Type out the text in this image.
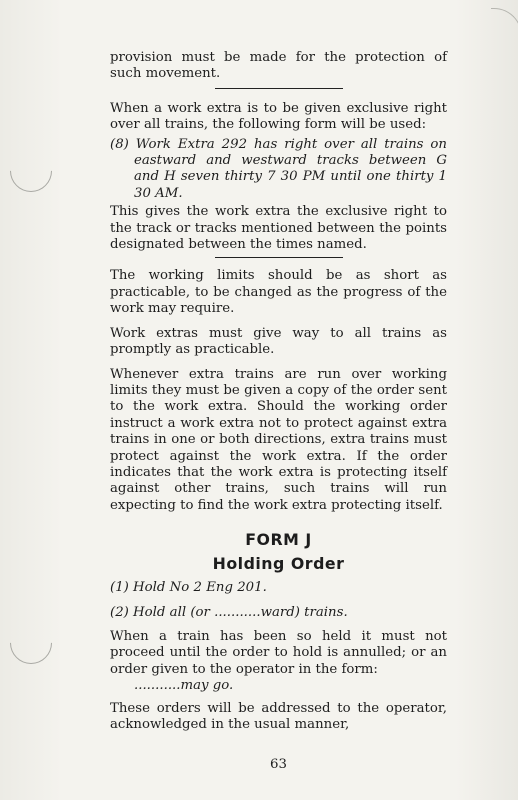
provision must be made for the protection of such movement.

When a work extra is to be given exclusive right over all trains, the following form will be used:

(8) Work Extra 292 has right over all trains on eastward and westward tracks between G and H seven thirty 7 30 PM until one thirty 1 30 AM.

This gives the work extra the exclusive right to the track or tracks mentioned between the points designated between the times named.

The working limits should be as short as practicable, to be changed as the progress of the work may require.

Work extras must give way to all trains as promptly as practicable.

Whenever extra trains are run over working limits they must be given a copy of the order sent to the work extra. Should the working order instruct a work extra not to protect against extra trains in one or both directions, extra trains must protect against the work extra. If the order indicates that the work extra is protecting itself against other trains, such trains will run expecting to find the work extra protecting itself.

FORM J
Holding Order

(1) Hold No 2 Eng 201.

(2) Hold all (or ...........ward) trains.

When a train has been so held it must not proceed until the order to hold is annulled; or an order given to the operator in the form:

...........may go.

These orders will be addressed to the operator, acknowledged in the usual manner,

63
